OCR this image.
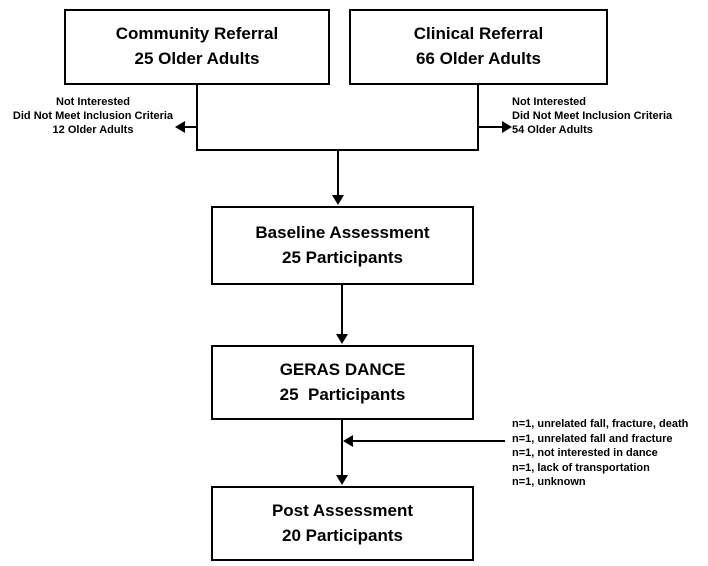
Community Referral
25 Older Adults
Clinical Referral
66 Older Adults
Not Interested
Did Not Meet Inclusion Criteria
12 Older Adults
Not Interested
Did Not Meet Inclusion Criteria
54 Older Adults
Baseline Assessment
25 Participants
GERAS DANCE
25  Participants
n=1, unrelated fall, fracture, death
n=1, unrelated fall and fracture
n=1, not interested in dance
n=1, lack of transportation
n=1, unknown
Post Assessment
20 Participants
